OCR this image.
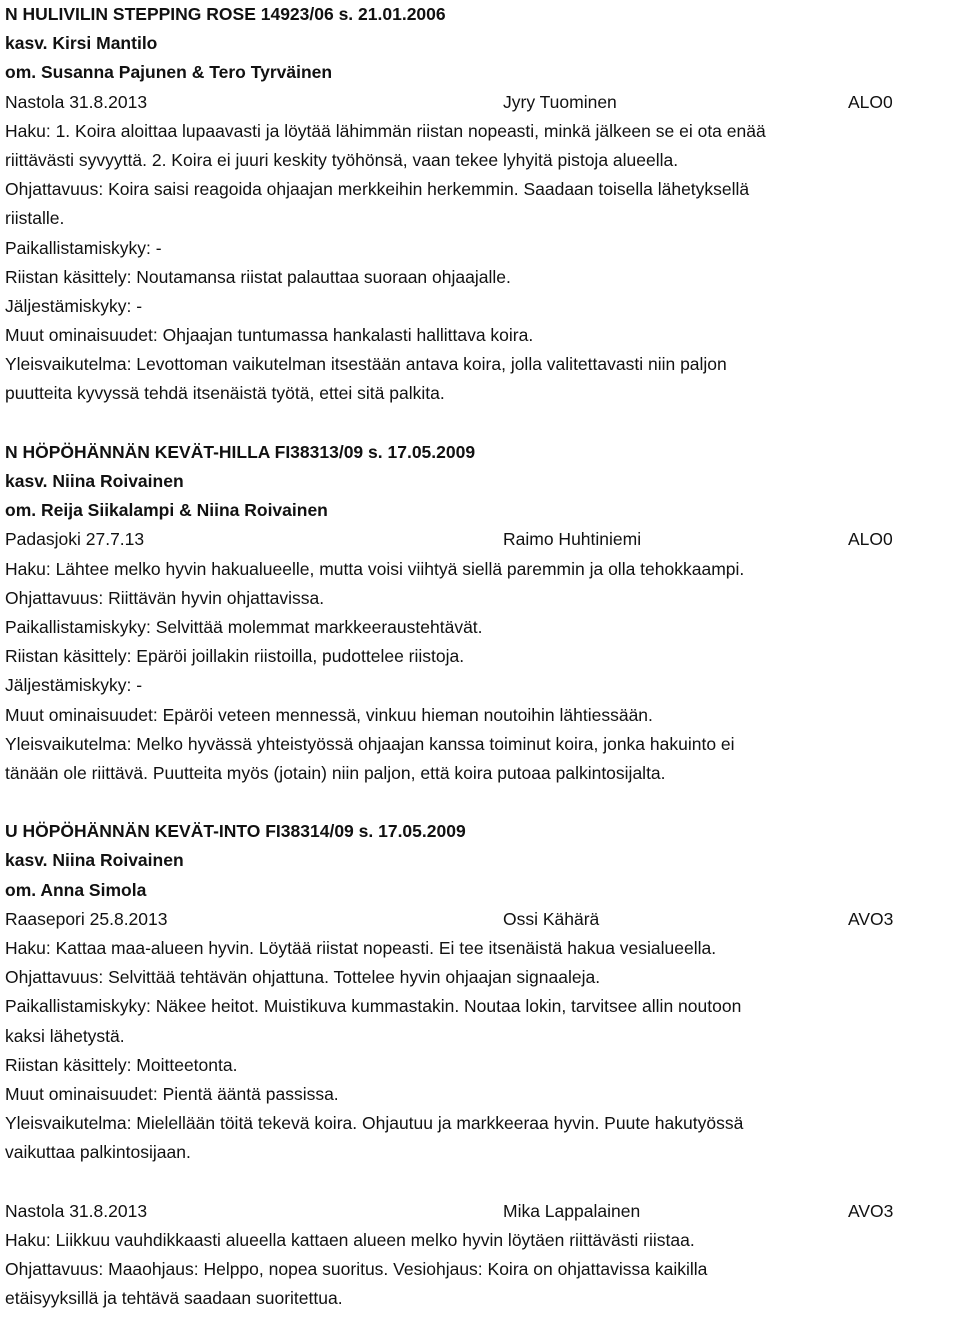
N HULIVILIN STEPPING ROSE 14923/06 s. 21.01.2006
kasv. Kirsi Mantilo
om. Susanna Pajunen & Tero Tyrväinen
Nastola 31.8.2013	Jyry Tuominen	ALO0
Haku: 1. Koira aloittaa lupaavasti ja löytää lähimmän riistan nopeasti, minkä jälkeen se ei ota enää
riittävästi syvyyttä. 2. Koira ei juuri keskity työhönsä, vaan tekee lyhyitä pistoja alueella.
Ohjattavuus: Koira saisi reagoida ohjaajan merkkeihin herkemmin. Saadaan toisella lähetyksellä
riistalle.
Paikallistamiskyky: -
Riistan käsittely: Noutamansa riistat palauttaa suoraan ohjaajalle.
Jäljestämiskyky: -
Muut ominaisuudet: Ohjaajan tuntumassa hankalasti hallittava koira.
Yleisvaikutelma: Levottoman vaikutelman itsestään antava koira, jolla valitettavasti niin paljon
puutteita kyvyssä tehdä itsenäistä työtä, ettei sitä palkita.
N HÖPÖHÄNNÄN KEVÄT-HILLA FI38313/09 s. 17.05.2009
kasv. Niina Roivainen
om. Reija Siikalampi & Niina Roivainen
Padasjoki 27.7.13	Raimo Huhtiniemi	ALO0
Haku: Lähtee melko hyvin hakualueelle, mutta voisi viihtyä siellä paremmin ja olla tehokkaampi.
Ohjattavuus: Riittävän hyvin ohjattavissa.
Paikallistamiskyky: Selvittää molemmat markkeeraustehtävät.
Riistan käsittely: Epäröi joillakin riistoilla, pudottelee riistoja.
Jäljestämiskyky: -
Muut ominaisuudet: Epäröi veteen mennessä, vinkuu hieman noutoihin lähtiessään.
Yleisvaikutelma: Melko hyvässä yhteistyössä ohjaajan kanssa toiminut koira, jonka hakuinto ei
tänään ole riittävä. Puutteita myös (jotain) niin paljon, että koira putoaa palkintosijalta.
U HÖPÖHÄNNÄN KEVÄT-INTO FI38314/09 s. 17.05.2009
kasv. Niina Roivainen
om. Anna Simola
Raasepori 25.8.2013	Ossi Kähärä	AVO3
Haku: Kattaa maa-alueen hyvin. Löytää riistat nopeasti. Ei tee itsenäistä hakua vesialueella.
Ohjattavuus: Selvittää tehtävän ohjattuna. Tottelee hyvin ohjaajan signaaleja.
Paikallistamiskyky: Näkee heitot. Muistikuva kummastakin. Noutaa lokin, tarvitsee allin noutoon
kaksi lähetystä.
Riistan käsittely: Moitteetonta.
Muut ominaisuudet: Pientä ääntä passissa.
Yleisvaikutelma: Mielellään töitä tekevä koira. Ohjautuu ja markkeeraa hyvin. Puute hakutyössä
vaikuttaa palkintosijaan.
Nastola 31.8.2013	Mika Lappalainen	AVO3
Haku: Liikkuu vauhdikkaasti alueella kattaen alueen melko hyvin löytäen riittävästi riistaa.
Ohjattavuus: Maaohjaus: Helppo, nopea suoritus. Vesiohjaus: Koira on ohjattavissa kaikilla
etäisyyksillä ja tehtävä saadaan suoritettua.
